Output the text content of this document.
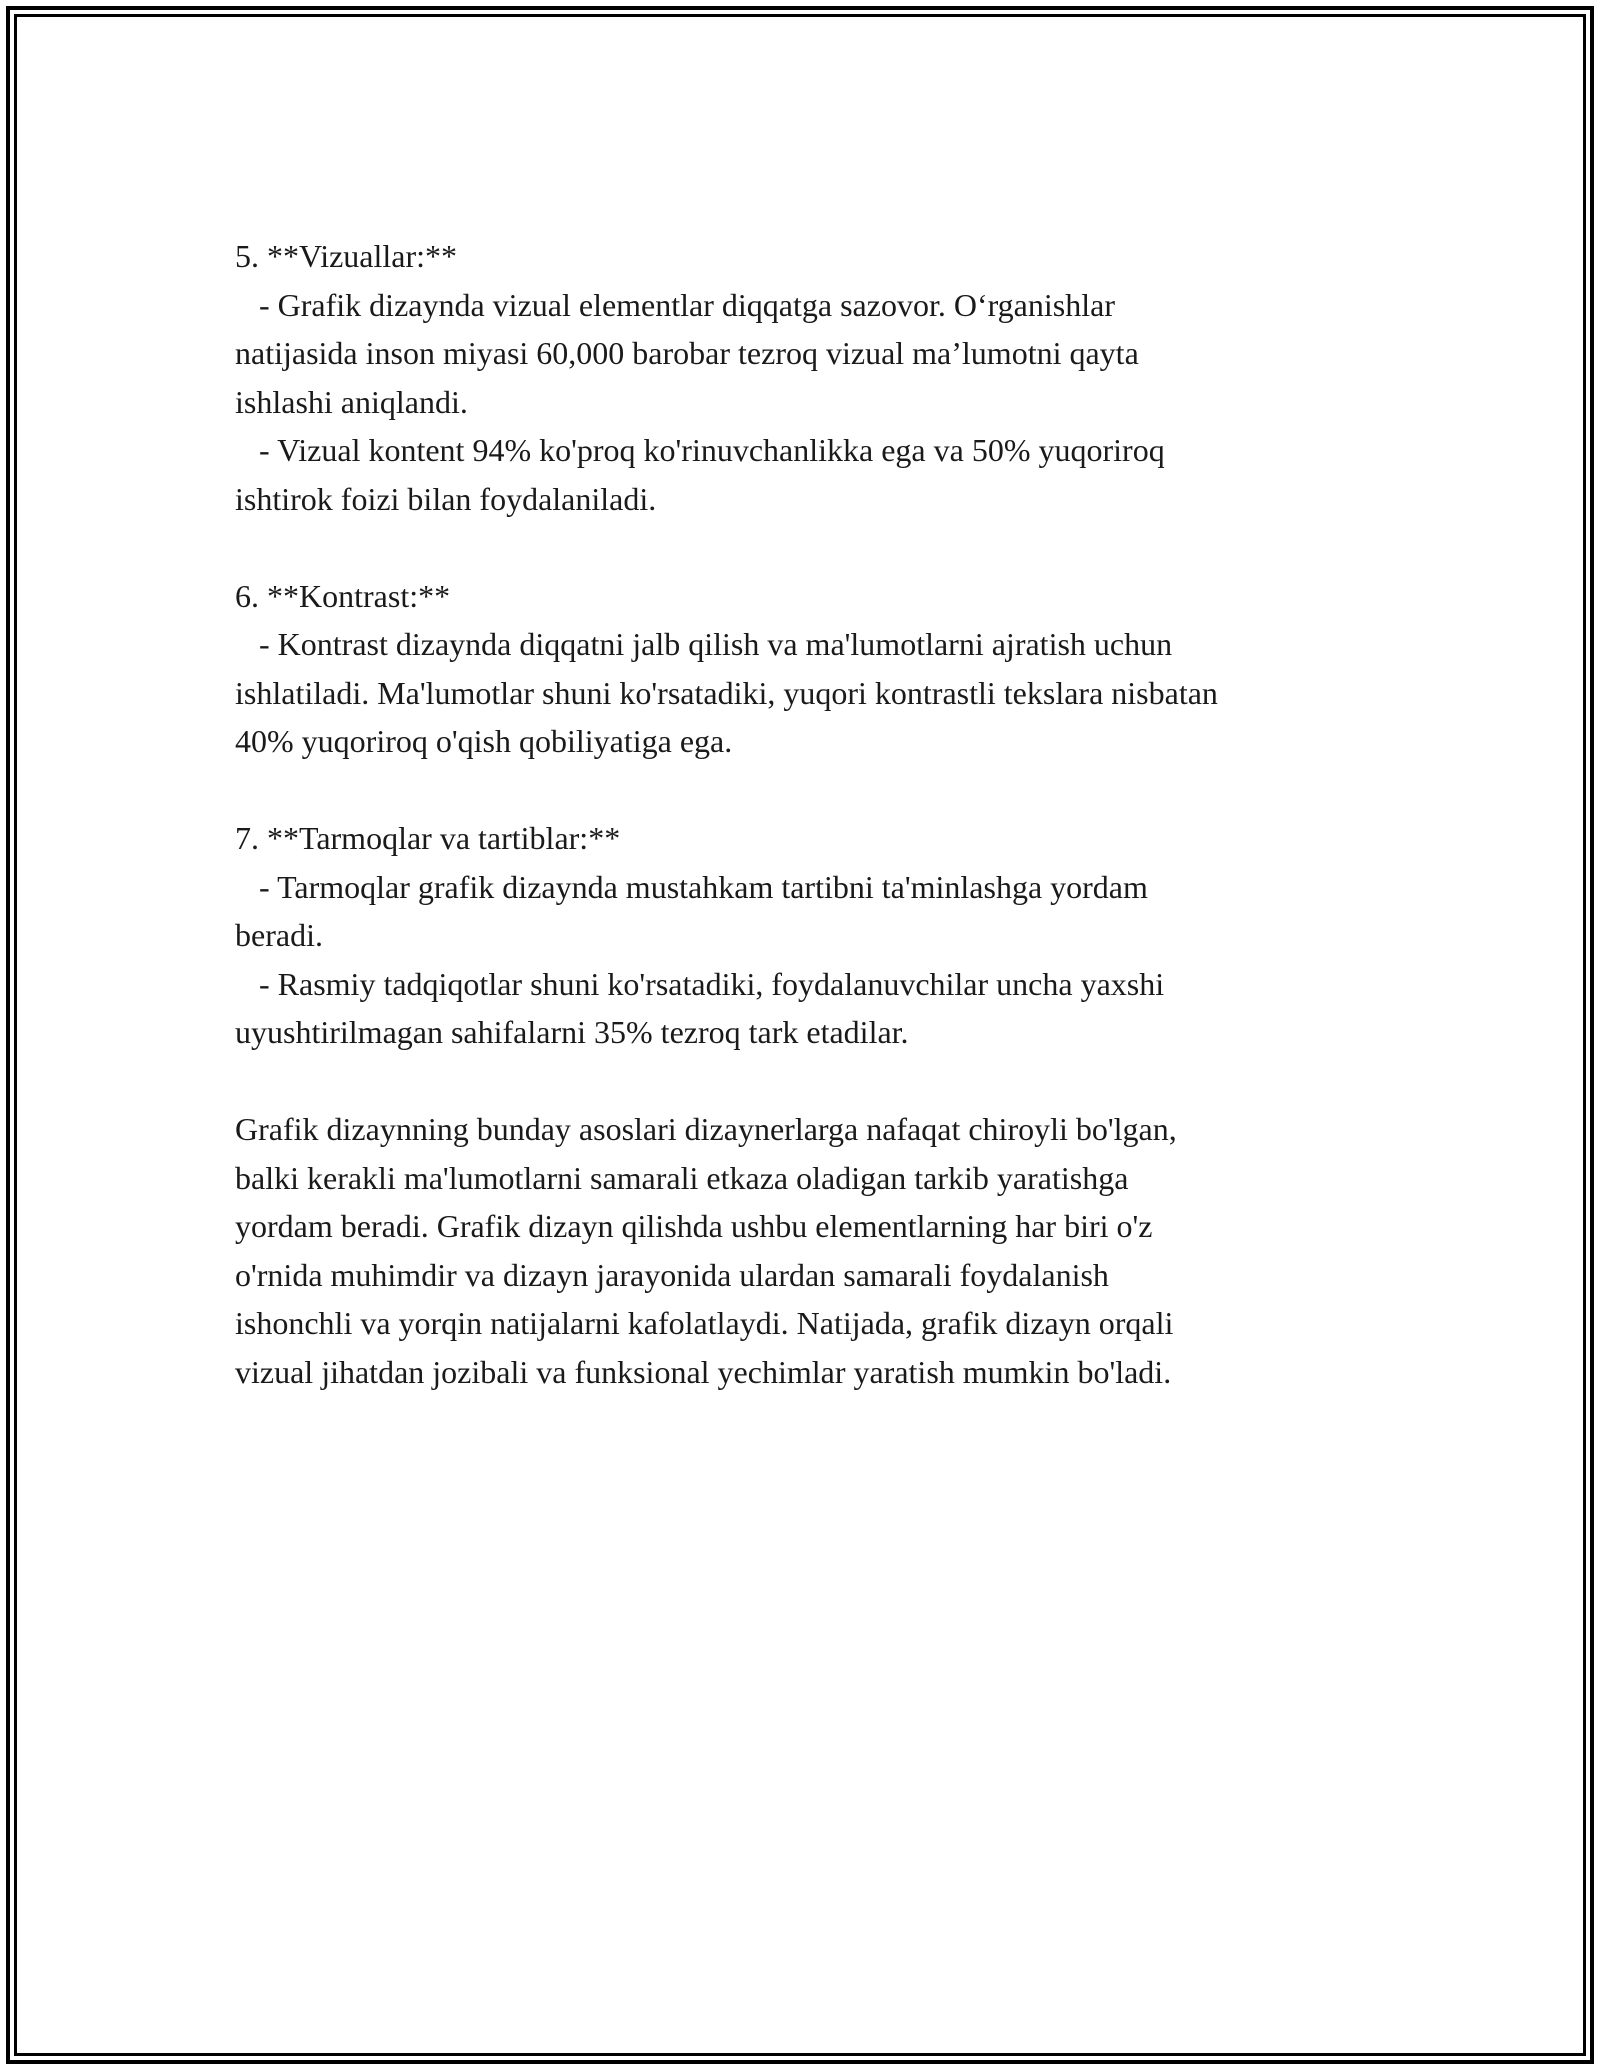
5. **Vizuallar:**
- Grafik dizaynda vizual elementlar diqqatga sazovor. O‘rganishlar
natijasida inson miyasi 60,000 barobar tezroq vizual ma’lumotni qayta
ishlashi aniqlandi.
- Vizual kontent 94% ko'proq ko'rinuvchanlikka ega va 50% yuqoriroq
ishtirok foizi bilan foydalaniladi.
6. **Kontrast:**
- Kontrast dizaynda diqqatni jalb qilish va ma'lumotlarni ajratish uchun
ishlatiladi. Ma'lumotlar shuni ko'rsatadiki, yuqori kontrastli tekslara nisbatan
40% yuqoriroq o'qish qobiliyatiga ega.
7. **Tarmoqlar va tartiblar:**
- Tarmoqlar grafik dizaynda mustahkam tartibni ta'minlashga yordam
beradi.
- Rasmiy tadqiqotlar shuni ko'rsatadiki, foydalanuvchilar uncha yaxshi
uyushtirilmagan sahifalarni 35% tezroq tark etadilar.
Grafik dizaynning bunday asoslari dizaynerlarga nafaqat chiroyli bo'lgan,
balki kerakli ma'lumotlarni samarali etkaza oladigan tarkib yaratishga
yordam beradi. Grafik dizayn qilishda ushbu elementlarning har biri o'z
o'rnida muhimdir va dizayn jarayonida ulardan samarali foydalanish
ishonchli va yorqin natijalarni kafolatlaydi. Natijada, grafik dizayn orqali
vizual jihatdan jozibali va funksional yechimlar yaratish mumkin bo'ladi.
